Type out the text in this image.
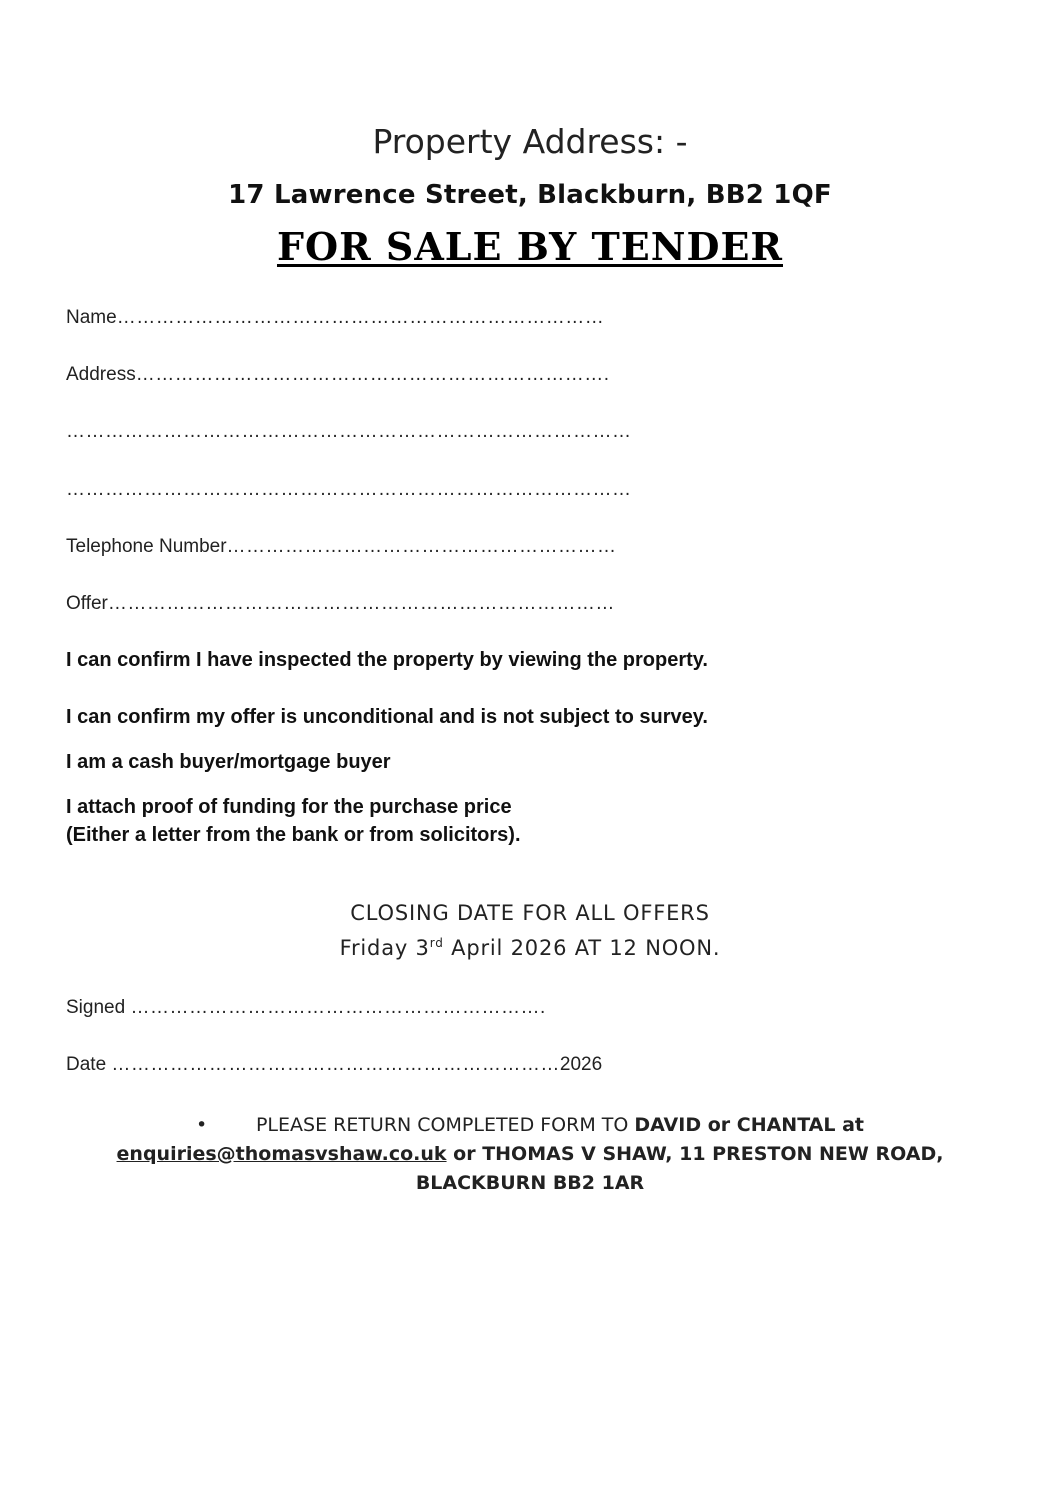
Property Address: -
17 Lawrence Street, Blackburn, BB2 1QF
FOR SALE BY TENDER
Name…………………………………………………………………
Address……………………………………………………………….
……………………………………………………………………………
……………………………………………………………………………
Telephone Number……………………………………………………
Offer……………………………………………………………………
I can confirm I have inspected the property by viewing the property.
I can confirm my offer is unconditional and is not subject to survey.
I am a cash buyer/mortgage buyer
I attach proof of funding for the purchase price
(Either a letter from the bank or from solicitors).
CLOSING DATE FOR ALL OFFERS
Friday 3rd April 2026 AT 12 NOON.
Signed ……………………………………………………….
Date ……………………………………………………………2026
•	PLEASE RETURN COMPLETED FORM TO DAVID or CHANTAL at
enquiries@thomasvshaw.co.uk or THOMAS V SHAW, 11 PRESTON NEW ROAD,
BLACKBURN BB2 1AR
